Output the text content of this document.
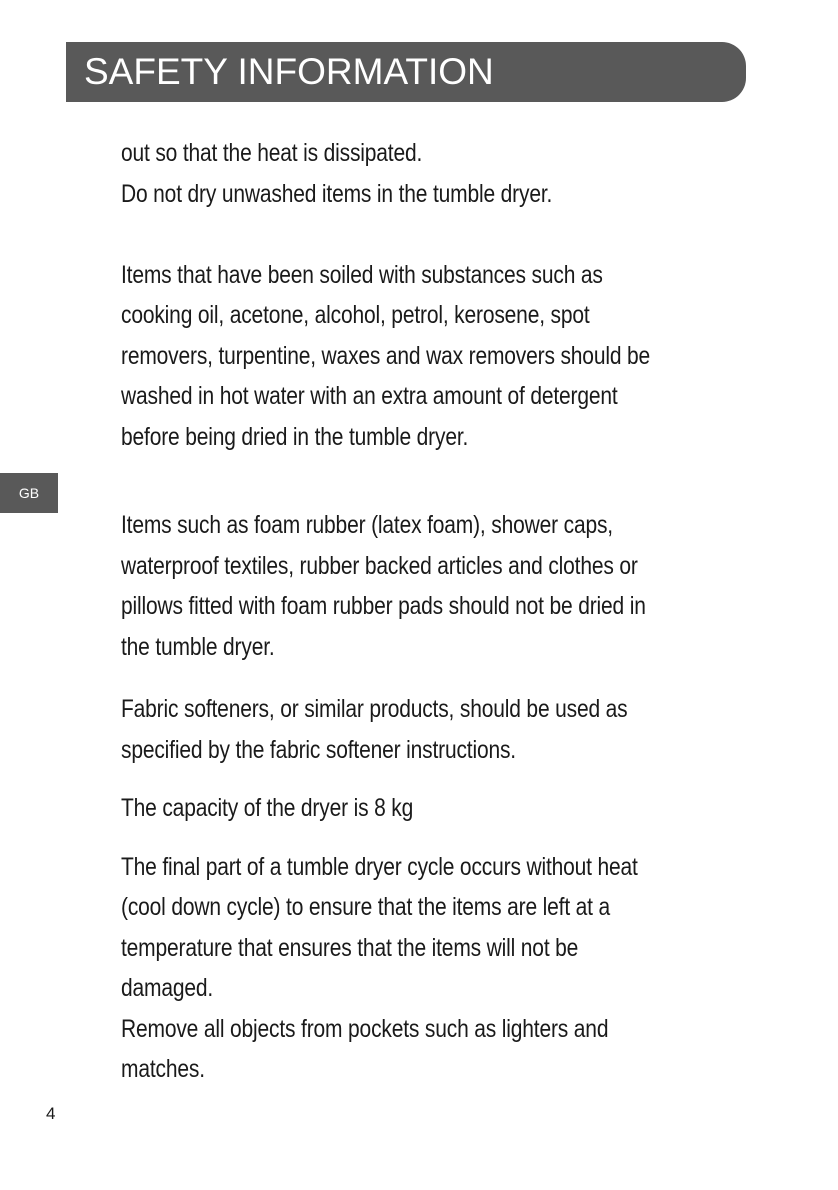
SAFETY INFORMATION
GB

out so that the heat is dissipated.

Do not dry unwashed items in the tumble dryer.

Items that have been soiled with substances such as

cooking oil, acetone, alcohol, petrol, kerosene, spot

removers, turpentine, waxes and wax removers should be

washed in hot water with an extra amount of detergent

before being dried in the tumble dryer.

Items such as foam rubber (latex foam), shower caps,

waterproof textiles, rubber backed articles and clothes or

pillows fitted with foam rubber pads should not be dried in

the tumble dryer.

Fabric softeners, or similar products, should be used as

specified by the fabric softener instructions.

The capacity of the dryer is 8 kg

The final part of a tumble dryer cycle occurs without heat

(cool down cycle) to ensure that the items are left at a

temperature that ensures that the items will not be

damaged.

Remove all objects from pockets such as lighters and

matches.

4
